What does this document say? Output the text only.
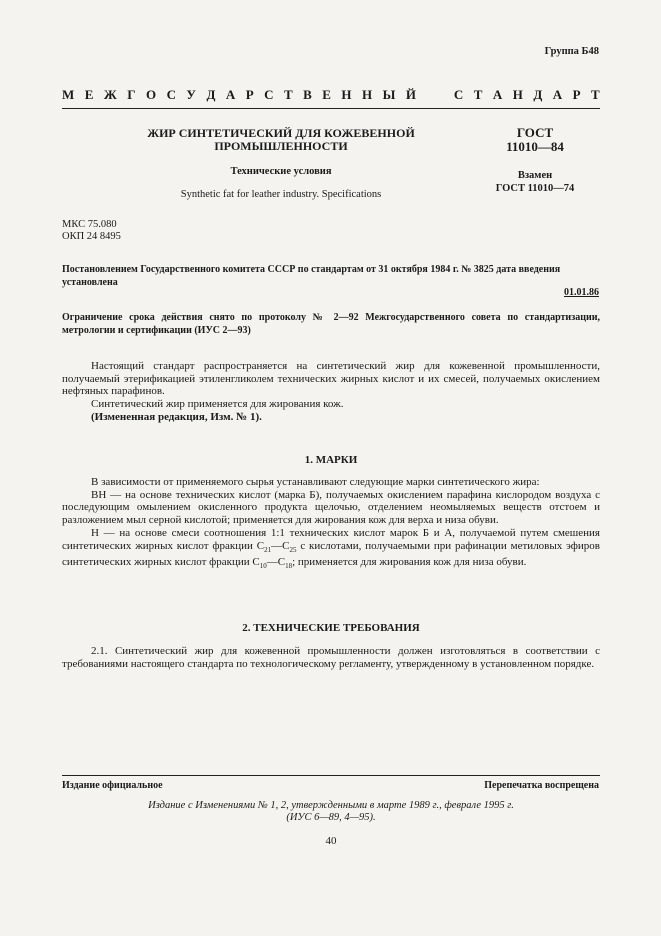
Группа Б48
М Е Ж Г О С У Д А Р С Т В Е Н Н Ы Й

	С Т А Н Д А Р Т
ЖИР СИНТЕТИЧЕСКИЙ ДЛЯ КОЖЕВЕННОЙ
ПРОМЫШЛЕННОСТИ
Технические условия
Synthetic fat for leather industry. Specifications
ГОСТ
11010—84
Взамен
ГОСТ 11010—74
МКС 75.080
ОКП 24 8495
Постановлением Государственного комитета СССР по стандартам от 31 октября 1984 г. № 3825 дата введения установлена
01.01.86
Ограничение срока действия снято по протоколу № 2—92 Межгосударственного совета по стандартизации, метрологии и сертификации (ИУС 2—93)

Настоящий стандарт распространяется на синтетический жир для кожевенной промышленности, получаемый этерификацией этиленгликолем технических жирных кислот и их смесей, получаемых окислением нефтяных парафинов.

Синтетический жир применяется для жирования кож.

(Измененная редакция, Изм. № 1).

1. МАРКИ

В зависимости от применяемого сырья устанавливают следующие марки синтетического жира:

ВН — на основе технических кислот (марка Б), получаемых окислением парафина кислородом воздуха с последующим омылением окисленного продукта щелочью, отделением неомыляемых веществ отстоем и разложением мыл серной кислотой; применяется для жирования кож для верха и низа обуви.

Н — на основе смеси соотношения 1:1 технических кислот марок Б и А, получаемой путем смешения синтетических жирных кислот фракции $С_{21}—С_{25}$ с кислотами, получаемыми при рафинации метиловых эфиров синтетических жирных кислот фракции $С_{10}—С_{18}$; применяется для жирования кож для низа обуви.

2. ТЕХНИЧЕСКИЕ ТРЕБОВАНИЯ

2.1. Синтетический жир для кожевенной промышленности должен изготовляться в соответствии с требованиями настоящего стандарта по технологическому регламенту, утвержденному в установленном порядке.

Издание официальное	Перепечатка воспрещена
Издание с Изменениями № 1, 2, утвержденными в марте 1989 г., феврале 1995 г.
(ИУС 6—89, 4—95).
40
